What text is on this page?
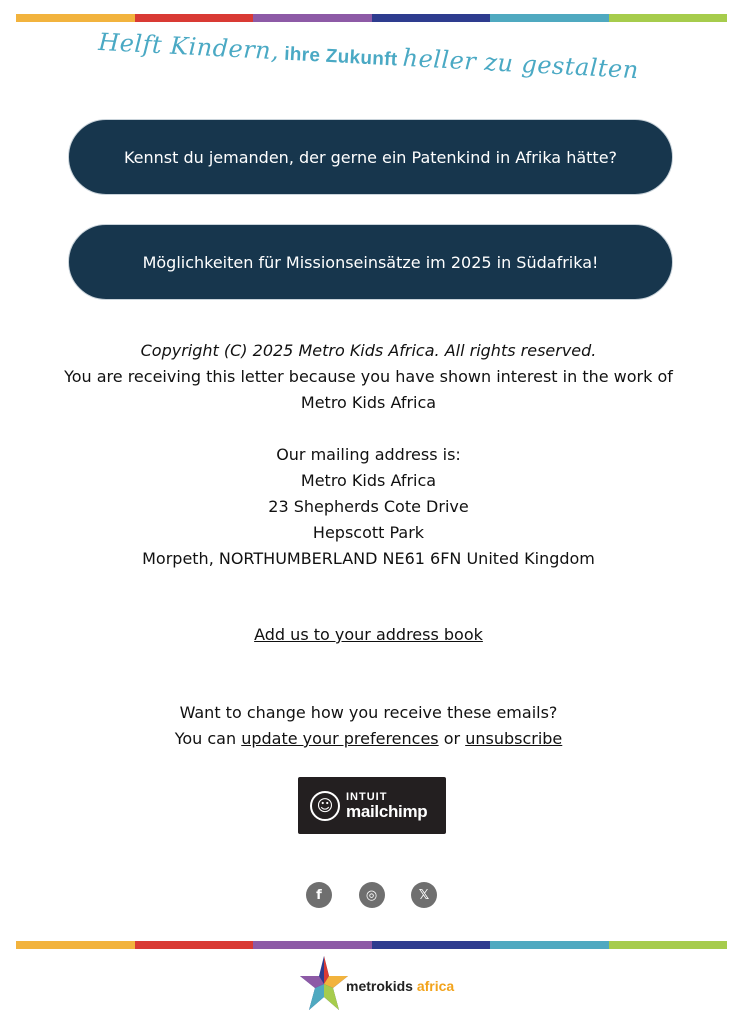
Helft Kindern, ihre Zukunft heller zu gestalten
Kennst du jemanden, der gerne ein Patenkind in Afrika hätte?
Möglichkeiten für Missionseinsätze im 2025 in Südafrika!
Copyright (C) 2025 Metro Kids Africa. All rights reserved.
You are receiving this letter because you have shown interest in the work of Metro Kids Africa
Our mailing address is:
Metro Kids Africa
23 Shepherds Cote Drive
Hepscott Park
Morpeth, NORTHUMBERLAND NE61 6FN United Kingdom
Add us to your address book
Want to change how you receive these emails?
You can update your preferences or unsubscribe
☺	INTUIT
mailchimp
f	◎	𝕏
metrokids africa
